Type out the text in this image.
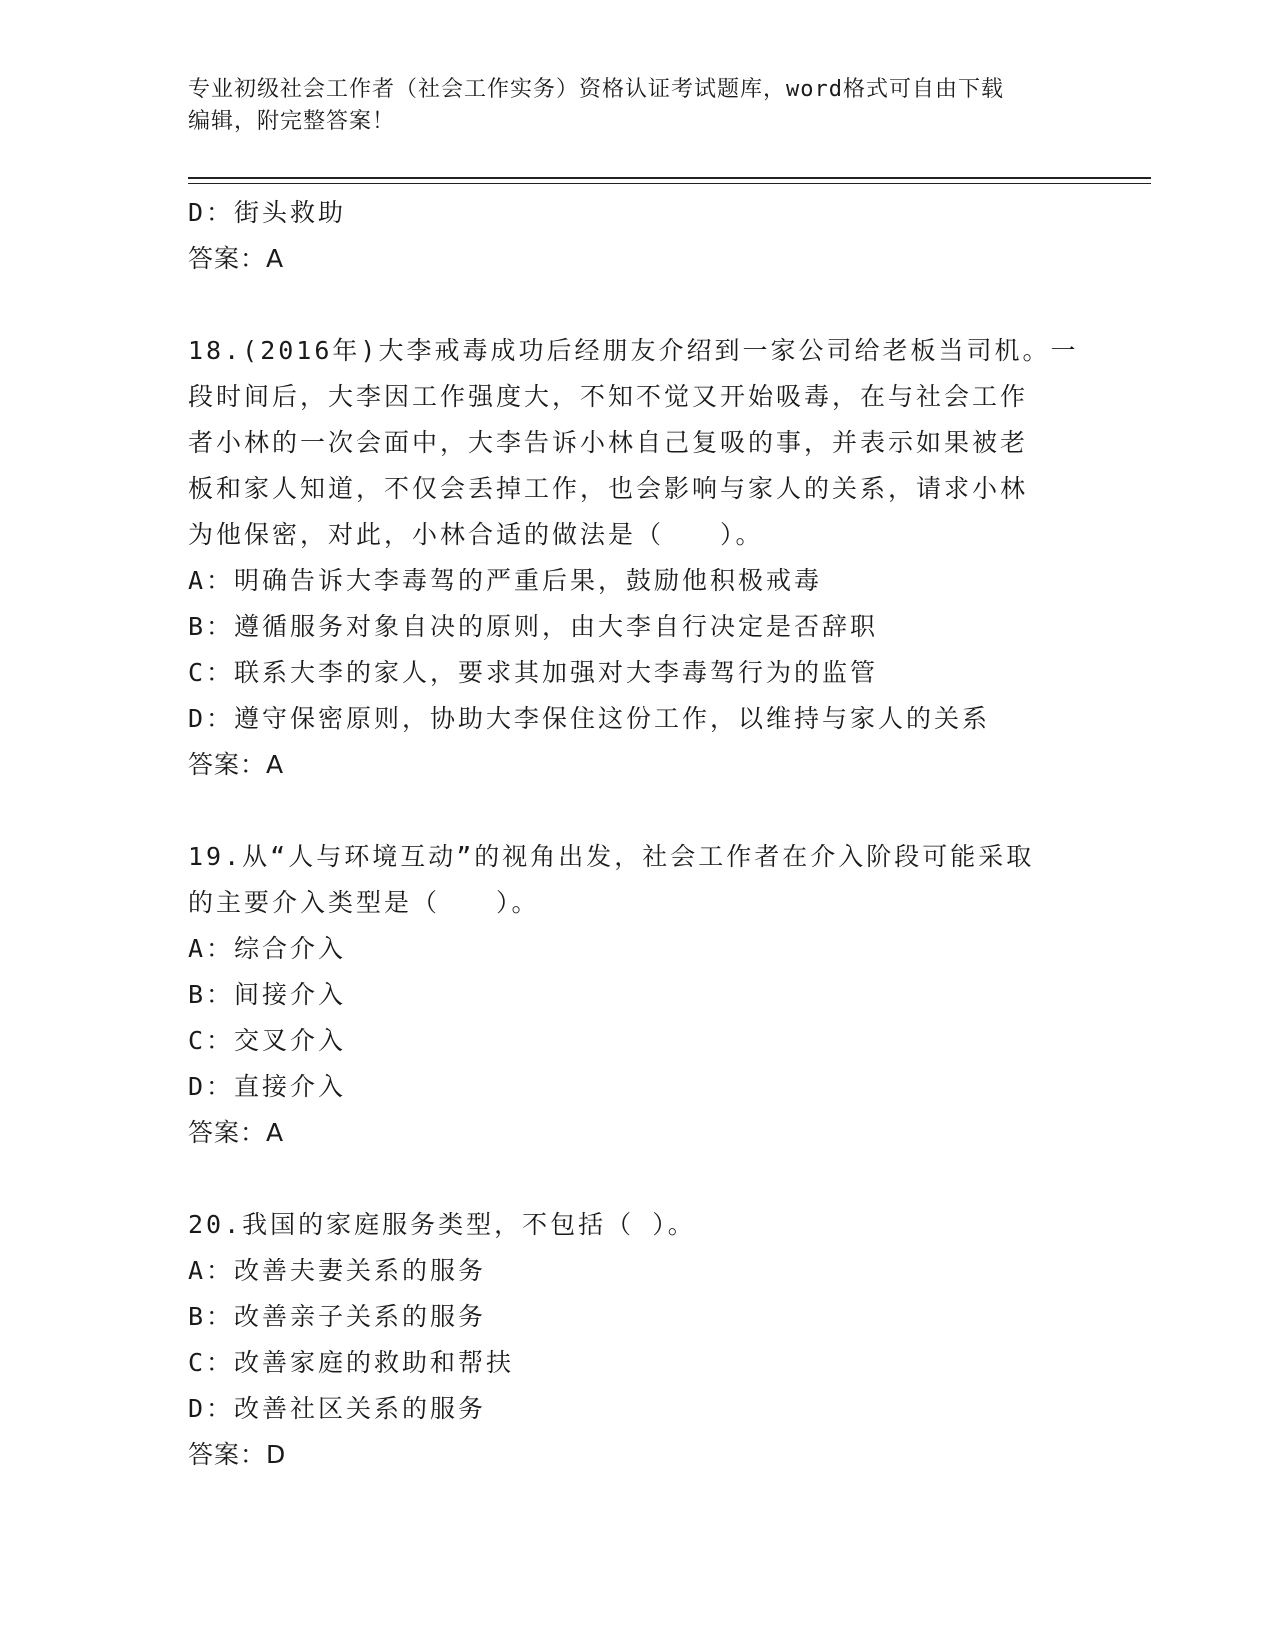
专业初级社会工作者（社会工作实务）资格认证考试题库，word格式可自由下载
编辑，附完整答案！
D：街头救助
答案：A
18.(2016年)大李戒毒成功后经朋友介绍到一家公司给老板当司机。一
段时间后，大李因工作强度大，不知不觉又开始吸毒，在与社会工作
者小林的一次会面中，大李告诉小林自己复吸的事，并表示如果被老
板和家人知道，不仅会丢掉工作，也会影响与家人的关系，请求小林
为他保密，对此，小林合适的做法是（　　）。
A：明确告诉大李毒驾的严重后果，鼓励他积极戒毒
B：遵循服务对象自决的原则，由大李自行决定是否辞职
C：联系大李的家人，要求其加强对大李毒驾行为的监管
D：遵守保密原则，协助大李保住这份工作，以维持与家人的关系
答案：A
19.从“人与环境互动”的视角出发，社会工作者在介入阶段可能采取
的主要介入类型是（　　）。
A：综合介入
B：间接介入
C：交叉介入
D：直接介入
答案：A
20.我国的家庭服务类型，不包括（ ）。
A：改善夫妻关系的服务
B：改善亲子关系的服务
C：改善家庭的救助和帮扶
D：改善社区关系的服务
答案：D
